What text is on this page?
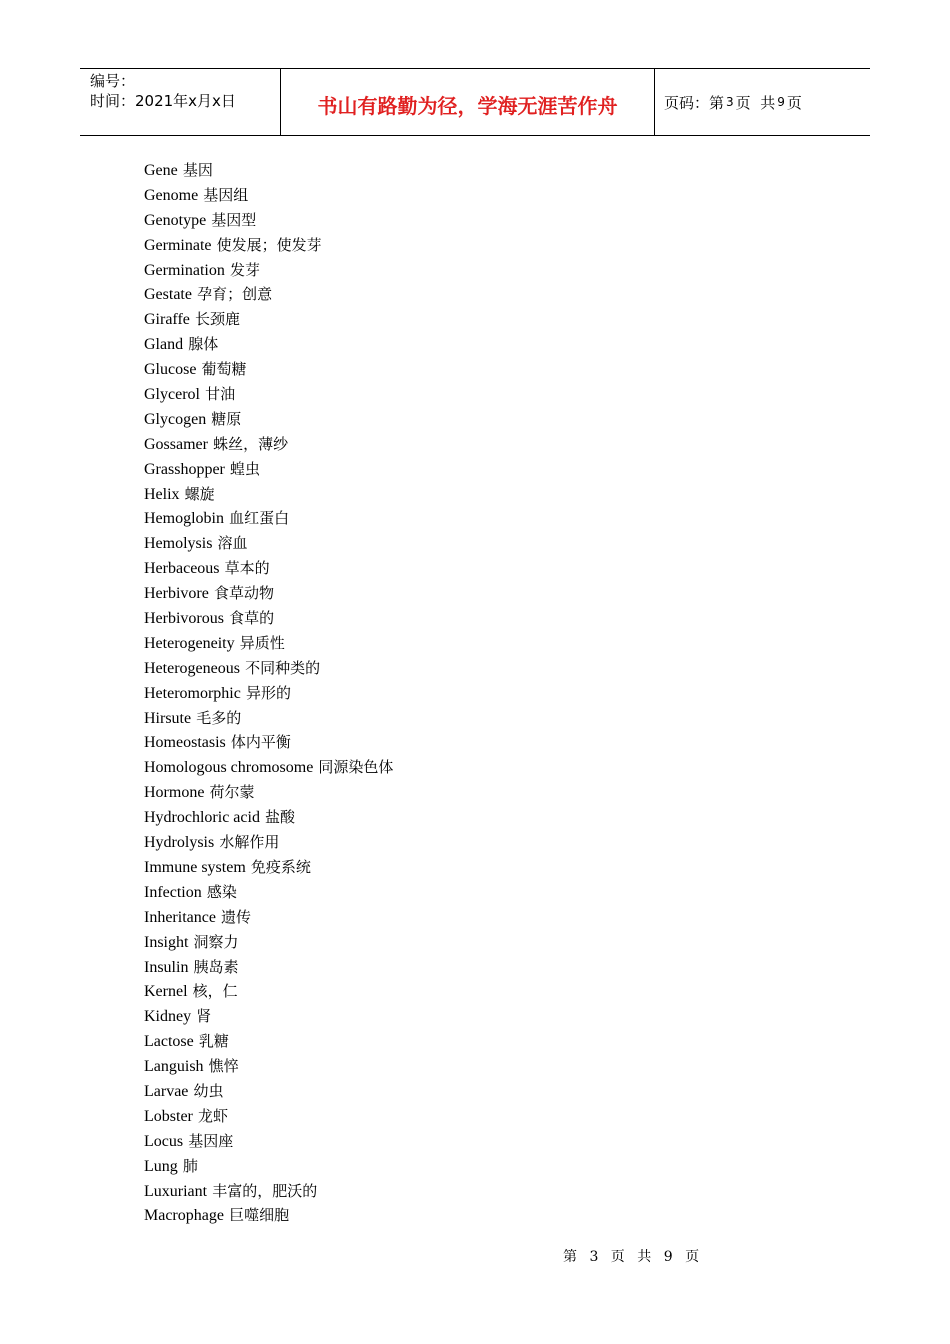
编号：
时间：2021年x月x日	书山有路勤为径，学海无涯苦作舟	页码：第 3 页  共 9 页
Gene 基因
Genome 基因组
Genotype 基因型
Germinate 使发展；使发芽
Germination 发芽
Gestate 孕育；创意
Giraffe 长颈鹿
Gland 腺体
Glucose 葡萄糖
Glycerol 甘油
Glycogen 糖原
Gossamer 蛛丝，薄纱
Grasshopper 蝗虫
Helix 螺旋
Hemoglobin 血红蛋白
Hemolysis 溶血
Herbaceous 草本的
Herbivore 食草动物
Herbivorous 食草的
Heterogeneity 异质性
Heterogeneous 不同种类的
Heteromorphic 异形的
Hirsute 毛多的
Homeostasis 体内平衡
Homologous chromosome 同源染色体
Hormone 荷尔蒙
Hydrochloric acid 盐酸
Hydrolysis 水解作用
Immune system 免疫系统
Infection 感染
Inheritance 遗传
Insight 洞察力
Insulin 胰岛素
Kernel 核，仁
Kidney 肾
Lactose 乳糖
Languish 憔悴
Larvae 幼虫
Lobster 龙虾
Locus 基因座
Lung 肺
Luxuriant 丰富的，肥沃的
Macrophage 巨噬细胞
第 3 页 共 9 页
